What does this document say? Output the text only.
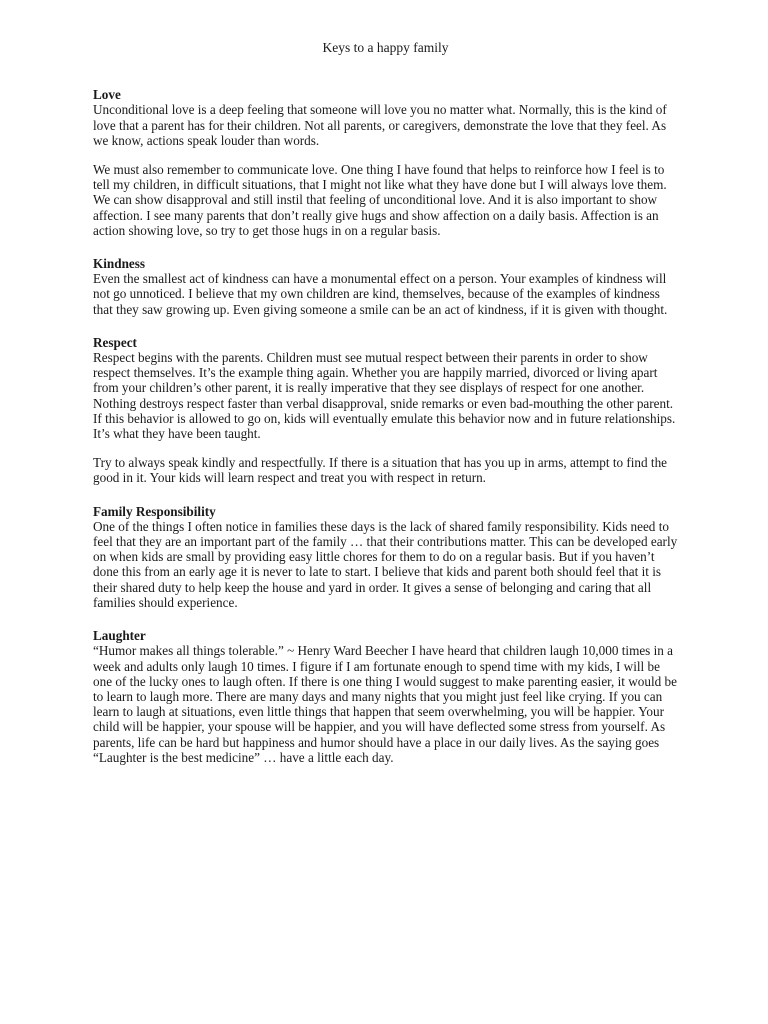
Keys to a happy family
Love

Unconditional love is a deep feeling that someone will love you no matter what. Normally, this is the kind of love that a parent has for their children. Not all parents, or caregivers, demonstrate the love that they feel. As we know, actions speak louder than words.

We must also remember to communicate love. One thing I have found that helps to reinforce how I feel is to tell my children, in difficult situations, that I might not like what they have done but I will always love them. We can show disapproval and still instil that feeling of unconditional love. And it is also important to show affection. I see many parents that don’t really give hugs and show affection on a daily basis. Affection is an action showing love, so try to get those hugs in on a regular basis.

Kindness

Even the smallest act of kindness can have a monumental effect on a person. Your examples of kindness will not go unnoticed. I believe that my own children are kind, themselves, because of the examples of kindness that they saw growing up. Even giving someone a smile can be an act of kindness, if it is given with thought.

Respect

Respect begins with the parents. Children must see mutual respect between their parents in order to show respect themselves. It’s the example thing again. Whether you are happily married, divorced or living apart from your children’s other parent, it is really imperative that they see displays of respect for one another. Nothing destroys respect faster than verbal disapproval, snide remarks or even bad-mouthing the other parent. If this behavior is allowed to go on, kids will eventually emulate this behavior now and in future relationships. It’s what they have been taught.

Try to always speak kindly and respectfully. If there is a situation that has you up in arms, attempt to find the good in it. Your kids will learn respect and treat you with respect in return.

Family Responsibility

One of the things I often notice in families these days is the lack of shared family responsibility. Kids need to feel that they are an important part of the family … that their contributions matter. This can be developed early on when kids are small by providing easy little chores for them to do on a regular basis. But if you haven’t done this from an early age it is never to late to start. I believe that kids and parent both should feel that it is their shared duty to help keep the house and yard in order. It gives a sense of belonging and caring that all families should experience.

Laughter

“Humor makes all things tolerable.” ~ Henry Ward Beecher I have heard that children laugh 10,000 times in a week and adults only laugh 10 times. I figure if I am fortunate enough to spend time with my kids, I will be one of the lucky ones to laugh often. If there is one thing I would suggest to make parenting easier, it would be to learn to laugh more. There are many days and many nights that you might just feel like crying. If you can learn to laugh at situations, even little things that happen that seem overwhelming, you will be happier. Your child will be happier, your spouse will be happier, and you will have deflected some stress from yourself. As parents, life can be hard but happiness and humor should have a place in our daily lives. As the saying goes “Laughter is the best medicine” … have a little each day.
